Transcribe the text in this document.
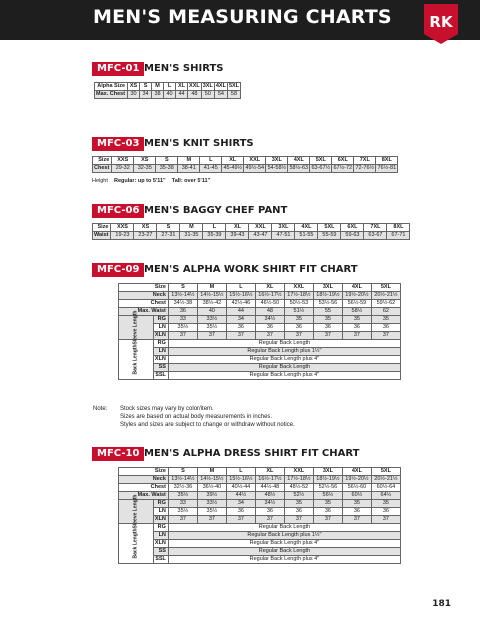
MEN'S MEASURING CHARTS	RK
MFC-01 MEN'S SHIRTS
Alpha Size	XS	S	M	L	XL	XXL	3XL	4XL	5XL
Max. Chest	30	34	38	40	44	48	50	54	58
MFC-03 MEN'S KNIT SHIRTS
Size	XXS	XS	S	M	L	XL	XXL	3XL	4XL	5XL	6XL	7XL	8XL
Chest	29-32	32-35	35-38	38-41	41-45	45-49½	49½-54	54-58½	58½-63	63-67½	67½-72	72-76½	76½-81
Height Regular: up to 5'11" Tall: over 5'11"
MFC-06 MEN'S BAGGY CHEF PANT
Size	XXS	XS	S	M	L	XL	XXL	3XL	4XL	5XL	6XL	7XL	8XL
Waist	19-23	23-27	27-31	31-35	35-39	39-43	43-47	47-51	51-55	55-59	59-63	63-67	67-71
MFC-09 MEN'S ALPHA WORK SHIRT FIT CHART
Size		S	M	L	XL	XXL	3XL	4XL	5XL
Neck		13½-14½	14½-15½	15½-16½	16½-17½	17½-18½	18½-19½	19½-20½	20½-21½
Chest		34½-38	38½-42	42½-46	46½-50	50½-53	53½-56	56½-59	59½-62
Max. Waist		36	40	44	48	51½	55	58½	62
Sleeve Length	RG	33	33½	34	34½	35	35	35	35
	LN	35½	35½	36	36	36	36	36	36
	XLN	37	37	37	37	37	37	37	37
Back Length	RG	Regular Back Length							
	LN	Regular Back Length plus 1½"							
	XLN	Regular Back Length plus 4"							
	SS	Regular Back Length							
	SSL	Regular Back Length plus 4"							
Note: Stock sizes may vary by color/item.
Sizes are based on actual body measurements in inches.
Styles and sizes are subject to change or withdraw without notice.
MFC-10 MEN'S ALPHA DRESS SHIRT FIT CHART
Size		S	M	L	XL	XXL	3XL	4XL	5XL
Neck		13½-14½	14½-15½	15½-16½	16½-17½	17½-18½	18½-19½	19½-20½	20½-21½
Chest		32½-36	36½-40	40½-44	44½-48	48½-52	52½-56	56½-60	60½-64
Max. Waist		35½	39½	44½	48½	52½	56½	60½	64½
Sleeve Length	RG	33	33½	34	34½	35	35	35	35
	LN	35½	35½	36	36	36	36	36	36
	XLN	37	37	37	37	37	37	37	37
Back Length	RG	Regular Back Length							
	LN	Regular Back Length plus 1½"							
	XLN	Regular Back Length plus 4"							
	SS	Regular Back Length							
	SSL	Regular Back Length plus 4"							
181
